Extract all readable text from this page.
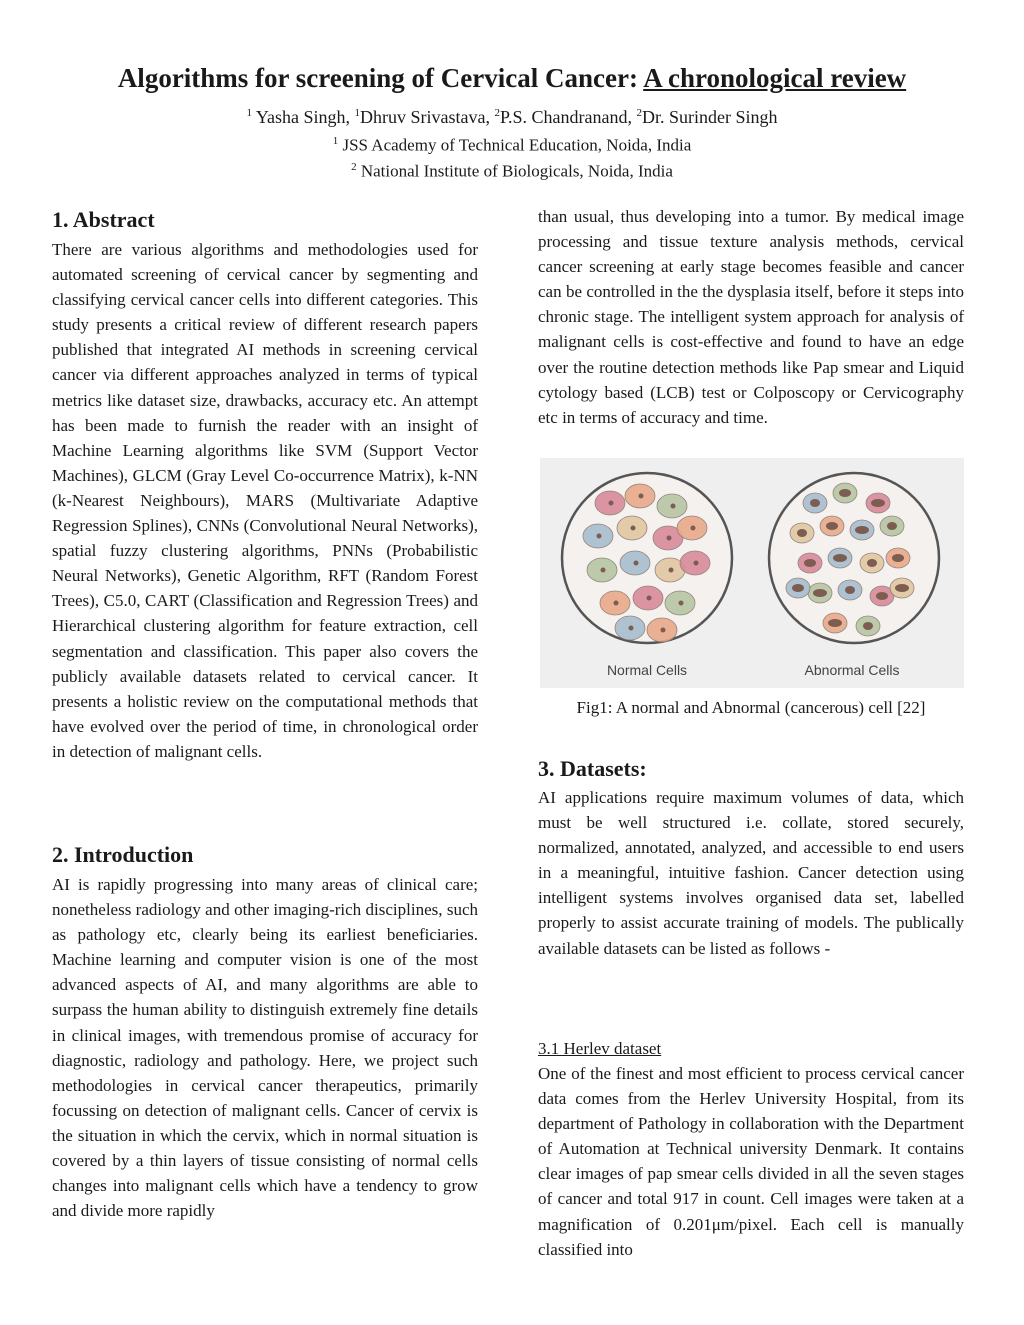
Algorithms for screening of Cervical Cancer: A chronological review
$^1$ Yasha Singh, $^1$Dhruv Srivastava, $^2$P.S. Chandranand, $^2$Dr. Surinder Singh
$^1$ JSS Academy of Technical Education, Noida, India
$^2$ National Institute of Biologicals, Noida, India
1. Abstract

There are various algorithms and methodologies used for automated screening of cervical cancer by segmenting and classifying cervical cancer cells into different categories. This study presents a critical review of different research papers published that integrated AI methods in screening cervical cancer via different approaches analyzed in terms of typical metrics like dataset size, drawbacks, accuracy etc. An attempt has been made to furnish the reader with an insight of Machine Learning algorithms like SVM (Support Vector Machines), GLCM (Gray Level Co-occurrence Matrix), k-NN (k-Nearest Neighbours), MARS (Multivariate Adaptive Regression Splines), CNNs (Convolutional Neural Networks), spatial fuzzy clustering algorithms, PNNs (Probabilistic Neural Networks), Genetic Algorithm, RFT (Random Forest Trees), C5.0, CART (Classification and Regression Trees) and Hierarchical clustering algorithm for feature extraction, cell segmentation and classification. This paper also covers the publicly available datasets related to cervical cancer. It presents a holistic review on the computational methods that have evolved over the period of time, in chronological order in detection of malignant cells.

2. Introduction

AI is rapidly progressing into many areas of clinical care; nonetheless radiology and other imaging-rich disciplines, such as pathology etc, clearly being its earliest beneficiaries. Machine learning and computer vision is one of the most advanced aspects of AI, and many algorithms are able to surpass the human ability to distinguish extremely fine details in clinical images, with tremendous promise of accuracy for diagnostic, radiology and pathology. Here, we project such methodologies in cervical cancer therapeutics, primarily focussing on detection of malignant cells. Cancer of cervix is the situation in which the cervix, which in normal situation is covered by a thin layers of tissue consisting of normal cells changes into malignant cells which have a tendency to grow and divide more rapidly

than usual, thus developing into a tumor. By medical image processing and tissue texture analysis methods, cervical cancer screening at early stage becomes feasible and cancer can be controlled in the the dysplasia itself, before it steps into chronic stage. The intelligent system approach for analysis of malignant cells is cost-effective and found to have an edge over the routine detection methods like Pap smear and Liquid cytology based (LCB) test or Colposcopy or Cervicography etc in terms of accuracy and time.

Normal Cells	Abnormal Cells
Fig1: A normal and Abnormal (cancerous) cell [22]
3. Datasets:

AI applications require maximum volumes of data, which must be well structured i.e. collate, stored securely, normalized, annotated, analyzed, and accessible to end users in a meaningful, intuitive fashion. Cancer detection using intelligent systems involves organised data set, labelled properly to assist accurate training of models. The publically available datasets can be listed as follows -

3.1 Herlev dataset

One of the finest and most efficient to process cervical cancer data comes from the Herlev University Hospital, from its department of Pathology in collaboration with the Department of Automation at Technical university Denmark. It contains clear images of pap smear cells divided in all the seven stages of cancer and total 917 in count. Cell images were taken at a magnification of 0.201μm/pixel. Each cell is manually classified into
